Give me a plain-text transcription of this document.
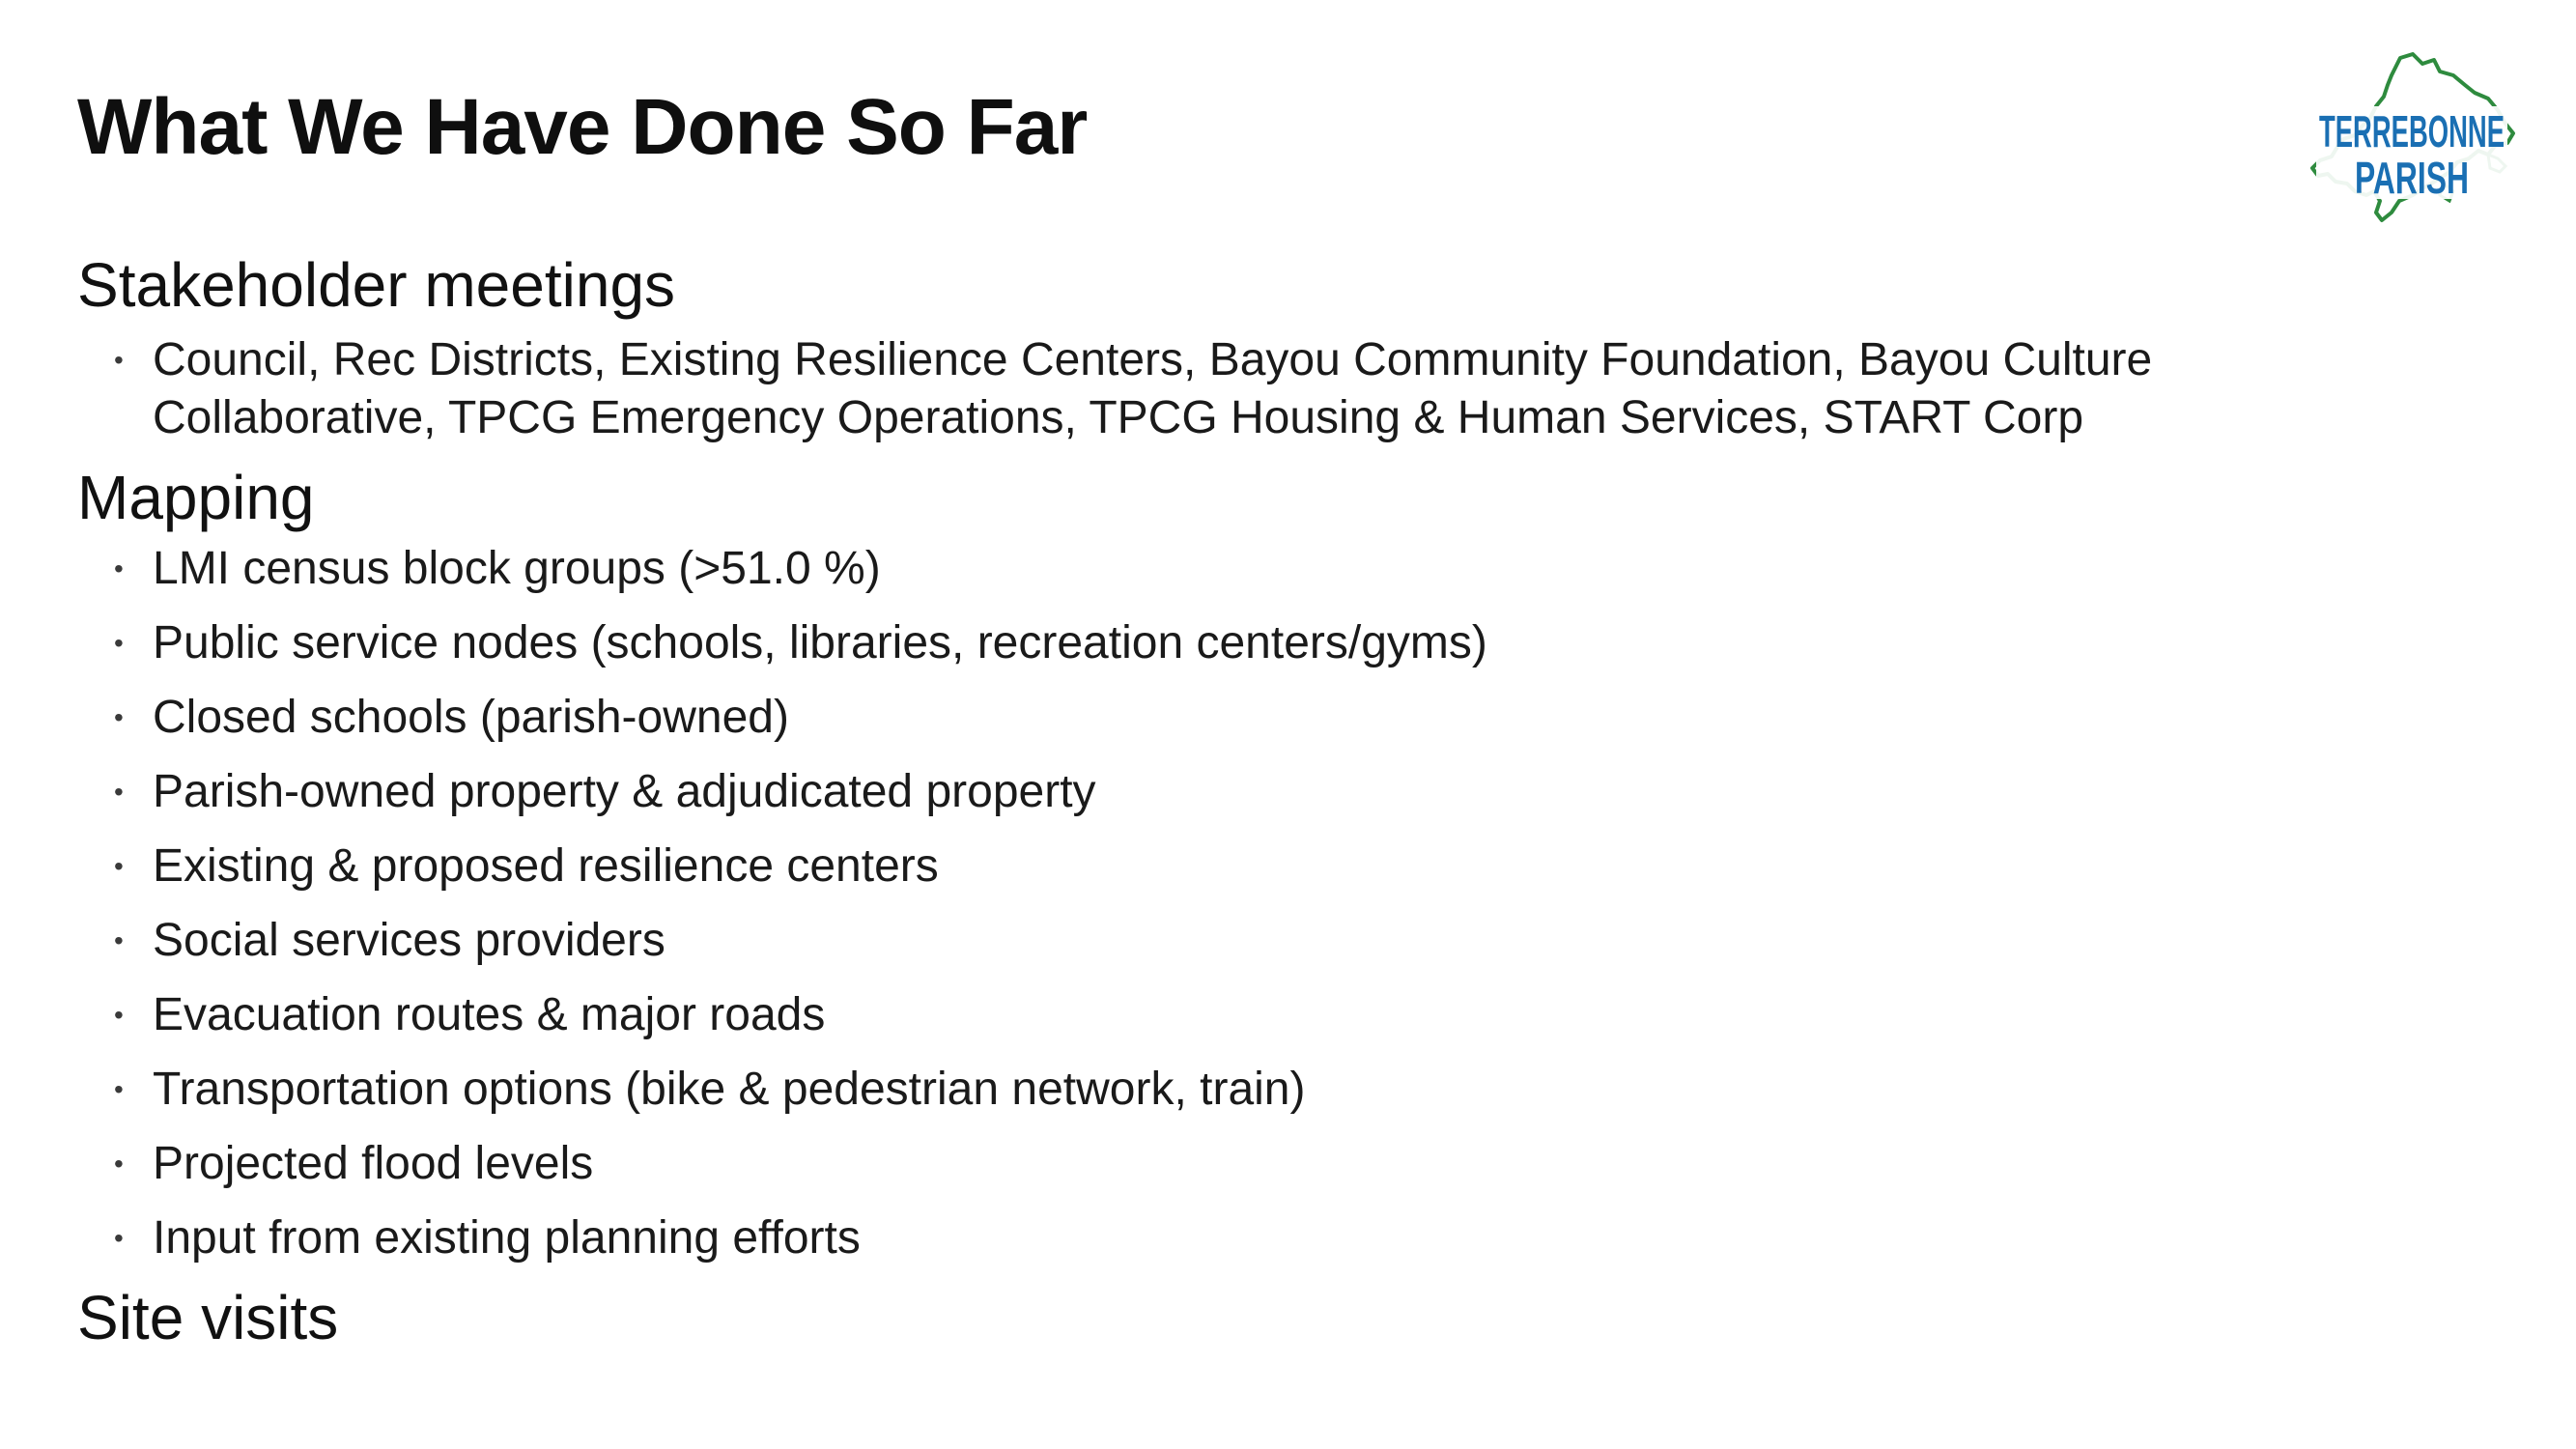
What We Have Done So Far	TERREBONNE
PARISH
Stakeholder meetings
• Council, Rec Districts, Existing Resilience Centers, Bayou Community Foundation, Bayou Culture Collaborative, TPCG Emergency Operations, TPCG Housing & Human Services, START Corp
Mapping
• LMI census block groups (>51.0 %)
• Public service nodes (schools, libraries, recreation centers/gyms)
• Closed schools (parish-owned)
• Parish-owned property & adjudicated property
• Existing & proposed resilience centers
• Social services providers
• Evacuation routes & major roads
• Transportation options (bike & pedestrian network, train)
• Projected flood levels
• Input from existing planning efforts
Site visits
